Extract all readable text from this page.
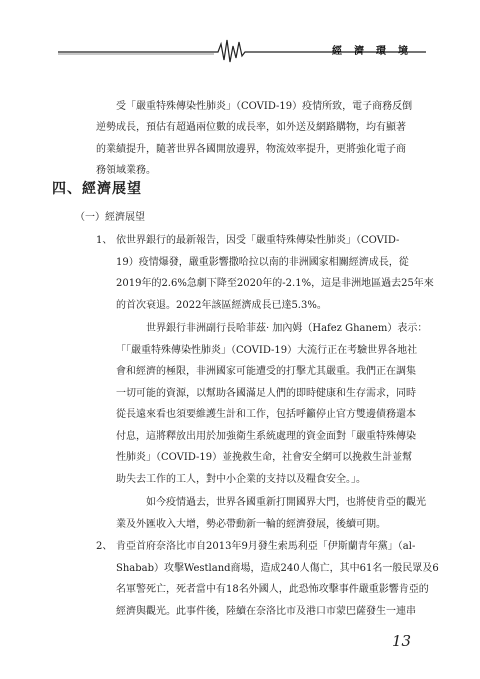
經濟環境
受「嚴重特殊傳染性肺炎」（COVID-19）疫情所致，電子商務反倒
逆勢成長，預估有超過兩位數的成長率，如外送及網路購物，均有顯著
的業績提升，隨著世界各國開放邊界，物流效率提升，更將強化電子商
務領域業務。
四、經濟展望
（一）經濟展望
1、 依世界銀行的最新報告，因受「嚴重特殊傳染性肺炎」（COVID-
19）疫情爆發，嚴重影響撒哈拉以南的非洲國家相關經濟成長，從
2019年的2.6%急劇下降至2020年的-2.1%，這是非洲地區過去25年來
的首次衰退。2022年該區經濟成長已達5.3%。
世界銀行非洲副行長哈菲茲· 加內姆（Hafez Ghanem）表示：
「「嚴重特殊傳染性肺炎」（COVID-19）大流行正在考驗世界各地社
會和經濟的極限，非洲國家可能遭受的打擊尤其嚴重。我們正在調集
一切可能的資源，以幫助各國滿足人們的即時健康和生存需求，同時
從長遠來看也須要維護生計和工作，包括呼籲停止官方雙邊債務還本
付息，這將釋放出用於加強衛生系統處理的資金面對「嚴重特殊傳染
性肺炎」（COVID-19）並挽救生命，社會安全網可以挽救生計並幫
助失去工作的工人，對中小企業的支持以及糧食安全。」。
如今疫情過去，世界各國重新打開國界大門，也將使肯亞的觀光
業及外匯收入大增，勢必帶動新一輪的經濟發展，後續可期。
2、 肯亞首府奈洛比市自2013年9月發生索馬利亞「伊斯蘭青年黨」（al-
Shabab）攻擊Westland商場，造成240人傷亡，其中61名一般民眾及6
名軍警死亡，死者當中有18名外國人，此恐怖攻擊事件嚴重影響肯亞的
經濟與觀光。此事件後，陸續在奈洛比市及港口市蒙巴薩發生一連串
13
